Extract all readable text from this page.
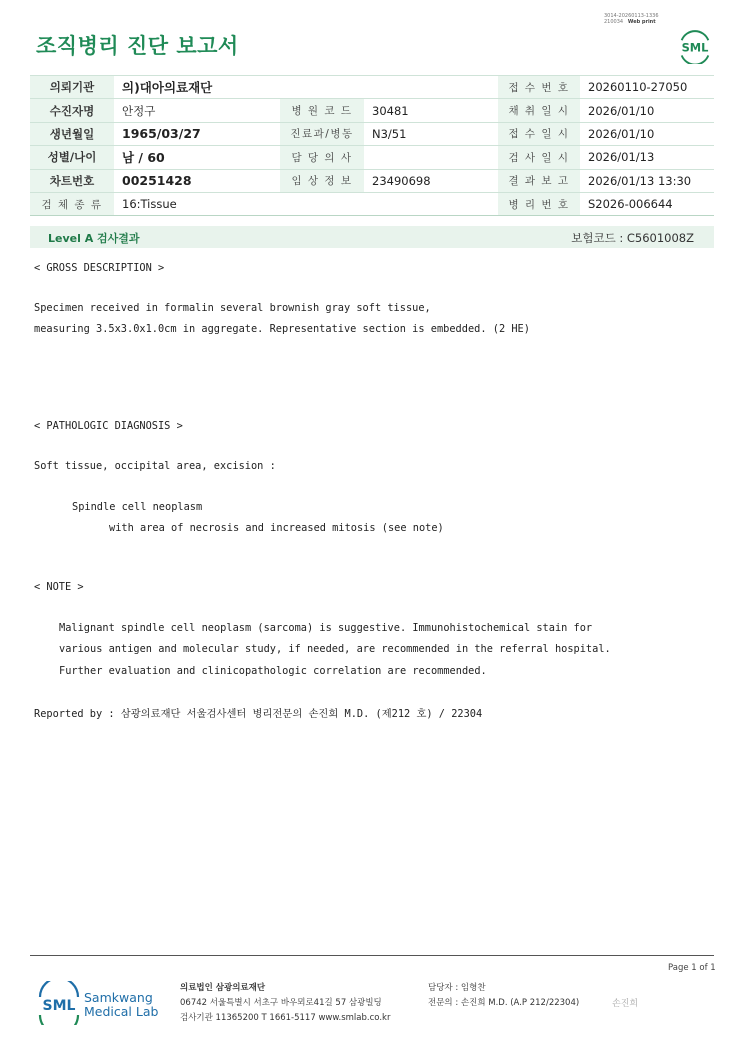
조직병리 진단 보고서
3014-20260113-1336
210034 Web print
SML
의뢰기관	의)대아의료재단			접 수 번 호	20260110-27050
수진자명	안정구	병 원 코 드	30481	채 취 일 시	2026/01/10
생년월일	1965/03/27	진료과/병동	N3/51	접 수 일 시	2026/01/10
성별/나이	남 / 60	담 당 의 사		검 사 일 시	2026/01/13
차트번호	00251428	임 상 정 보	23490698	결 과 보 고	2026/01/13 13:30
검 체 종 류	16:Tissue			병 리 번 호	S2026-006644
Level A 검사결과	보험코드 : C5601008Z
< GROSS DESCRIPTION >
Specimen received in formalin several brownish gray soft tissue,
measuring 3.5x3.0x1.0cm in aggregate. Representative section is embedded. (2 HE)
< PATHOLOGIC DIAGNOSIS >
Soft tissue, occipital area, excision :
Spindle cell neoplasm
with area of necrosis and increased mitosis (see note)
< NOTE >
Malignant spindle cell neoplasm (sarcoma) is suggestive. Immunohistochemical stain for
various antigen and molecular study, if needed, are recommended in the referral hospital.
Further evaluation and clinicopathologic correlation are recommended.
Reported by : 삼광의료재단 서울검사센터 병리전문의 손진희 M.D. (제212 호) / 22304
Page 1 of 1
SML
Samkwang
Medical Lab
의료법인 삼광의료재단
06742 서울특별시 서초구 바우뫼로41길 57 삼광빌딩
검사기관 11365200 T 1661-5117 www.smlab.co.kr
담당자 : 임형찬
전문의 : 손진희 M.D. (A.P 212/22304)	손진희
